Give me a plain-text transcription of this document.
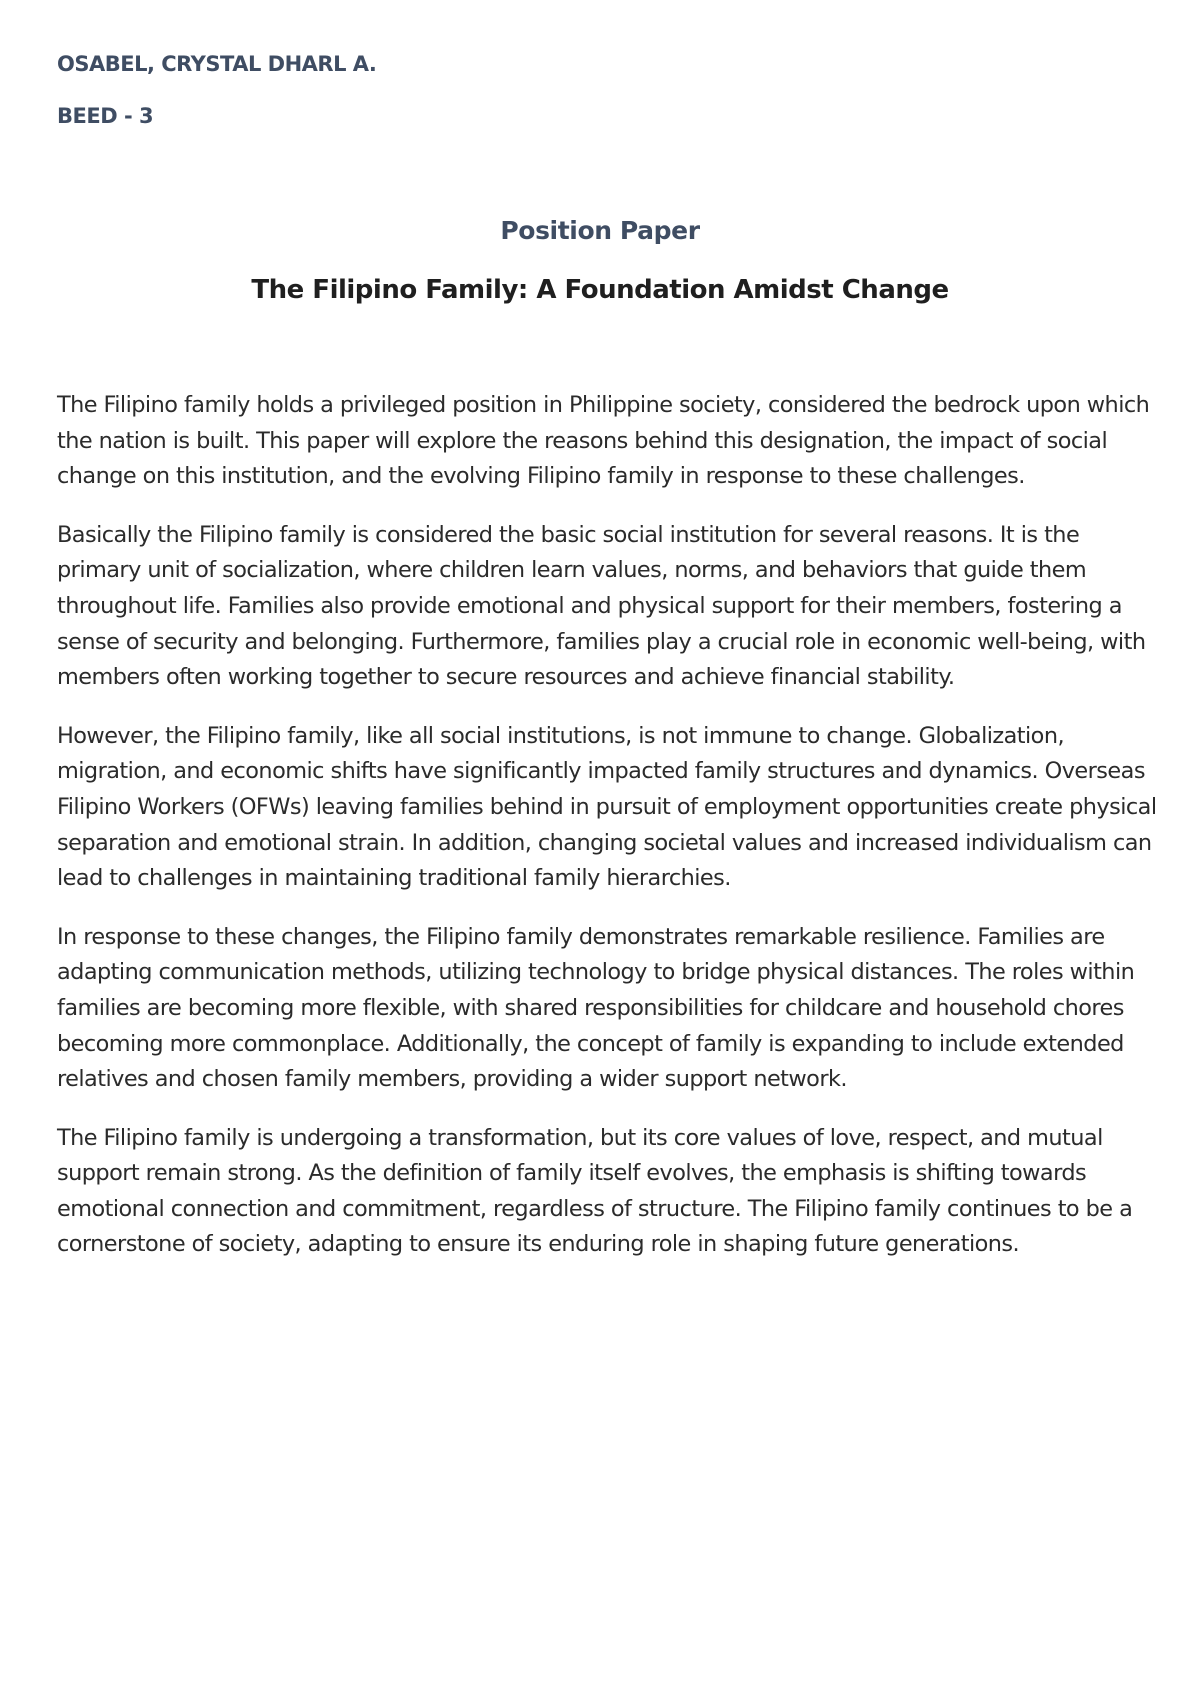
OSABEL, CRYSTAL DHARL A.
BEED - 3
Position Paper
The Filipino Family: A Foundation Amidst Change

The Filipino family holds a privileged position in Philippine society, considered the bedrock upon which the nation is built. This paper will explore the reasons behind this designation, the impact of social change on this institution, and the evolving Filipino family in response to these challenges.

Basically the Filipino family is considered the basic social institution for several reasons. It is the primary unit of socialization, where children learn values, norms, and behaviors that guide them throughout life. Families also provide emotional and physical support for their members, fostering a sense of security and belonging. Furthermore, families play a crucial role in economic well-being, with members often working together to secure resources and achieve financial stability.

However, the Filipino family, like all social institutions, is not immune to change. Globalization, migration, and economic shifts have significantly impacted family structures and dynamics. Overseas Filipino Workers (OFWs) leaving families behind in pursuit of employment opportunities create physical separation and emotional strain. In addition, changing societal values and increased individualism can lead to challenges in maintaining traditional family hierarchies.

In response to these changes, the Filipino family demonstrates remarkable resilience. Families are adapting communication methods, utilizing technology to bridge physical distances. The roles within families are becoming more flexible, with shared responsibilities for childcare and household chores becoming more commonplace. Additionally, the concept of family is expanding to include extended relatives and chosen family members, providing a wider support network.

The Filipino family is undergoing a transformation, but its core values of love, respect, and mutual support remain strong. As the definition of family itself evolves, the emphasis is shifting towards emotional connection and commitment, regardless of structure. The Filipino family continues to be a cornerstone of society, adapting to ensure its enduring role in shaping future generations.
